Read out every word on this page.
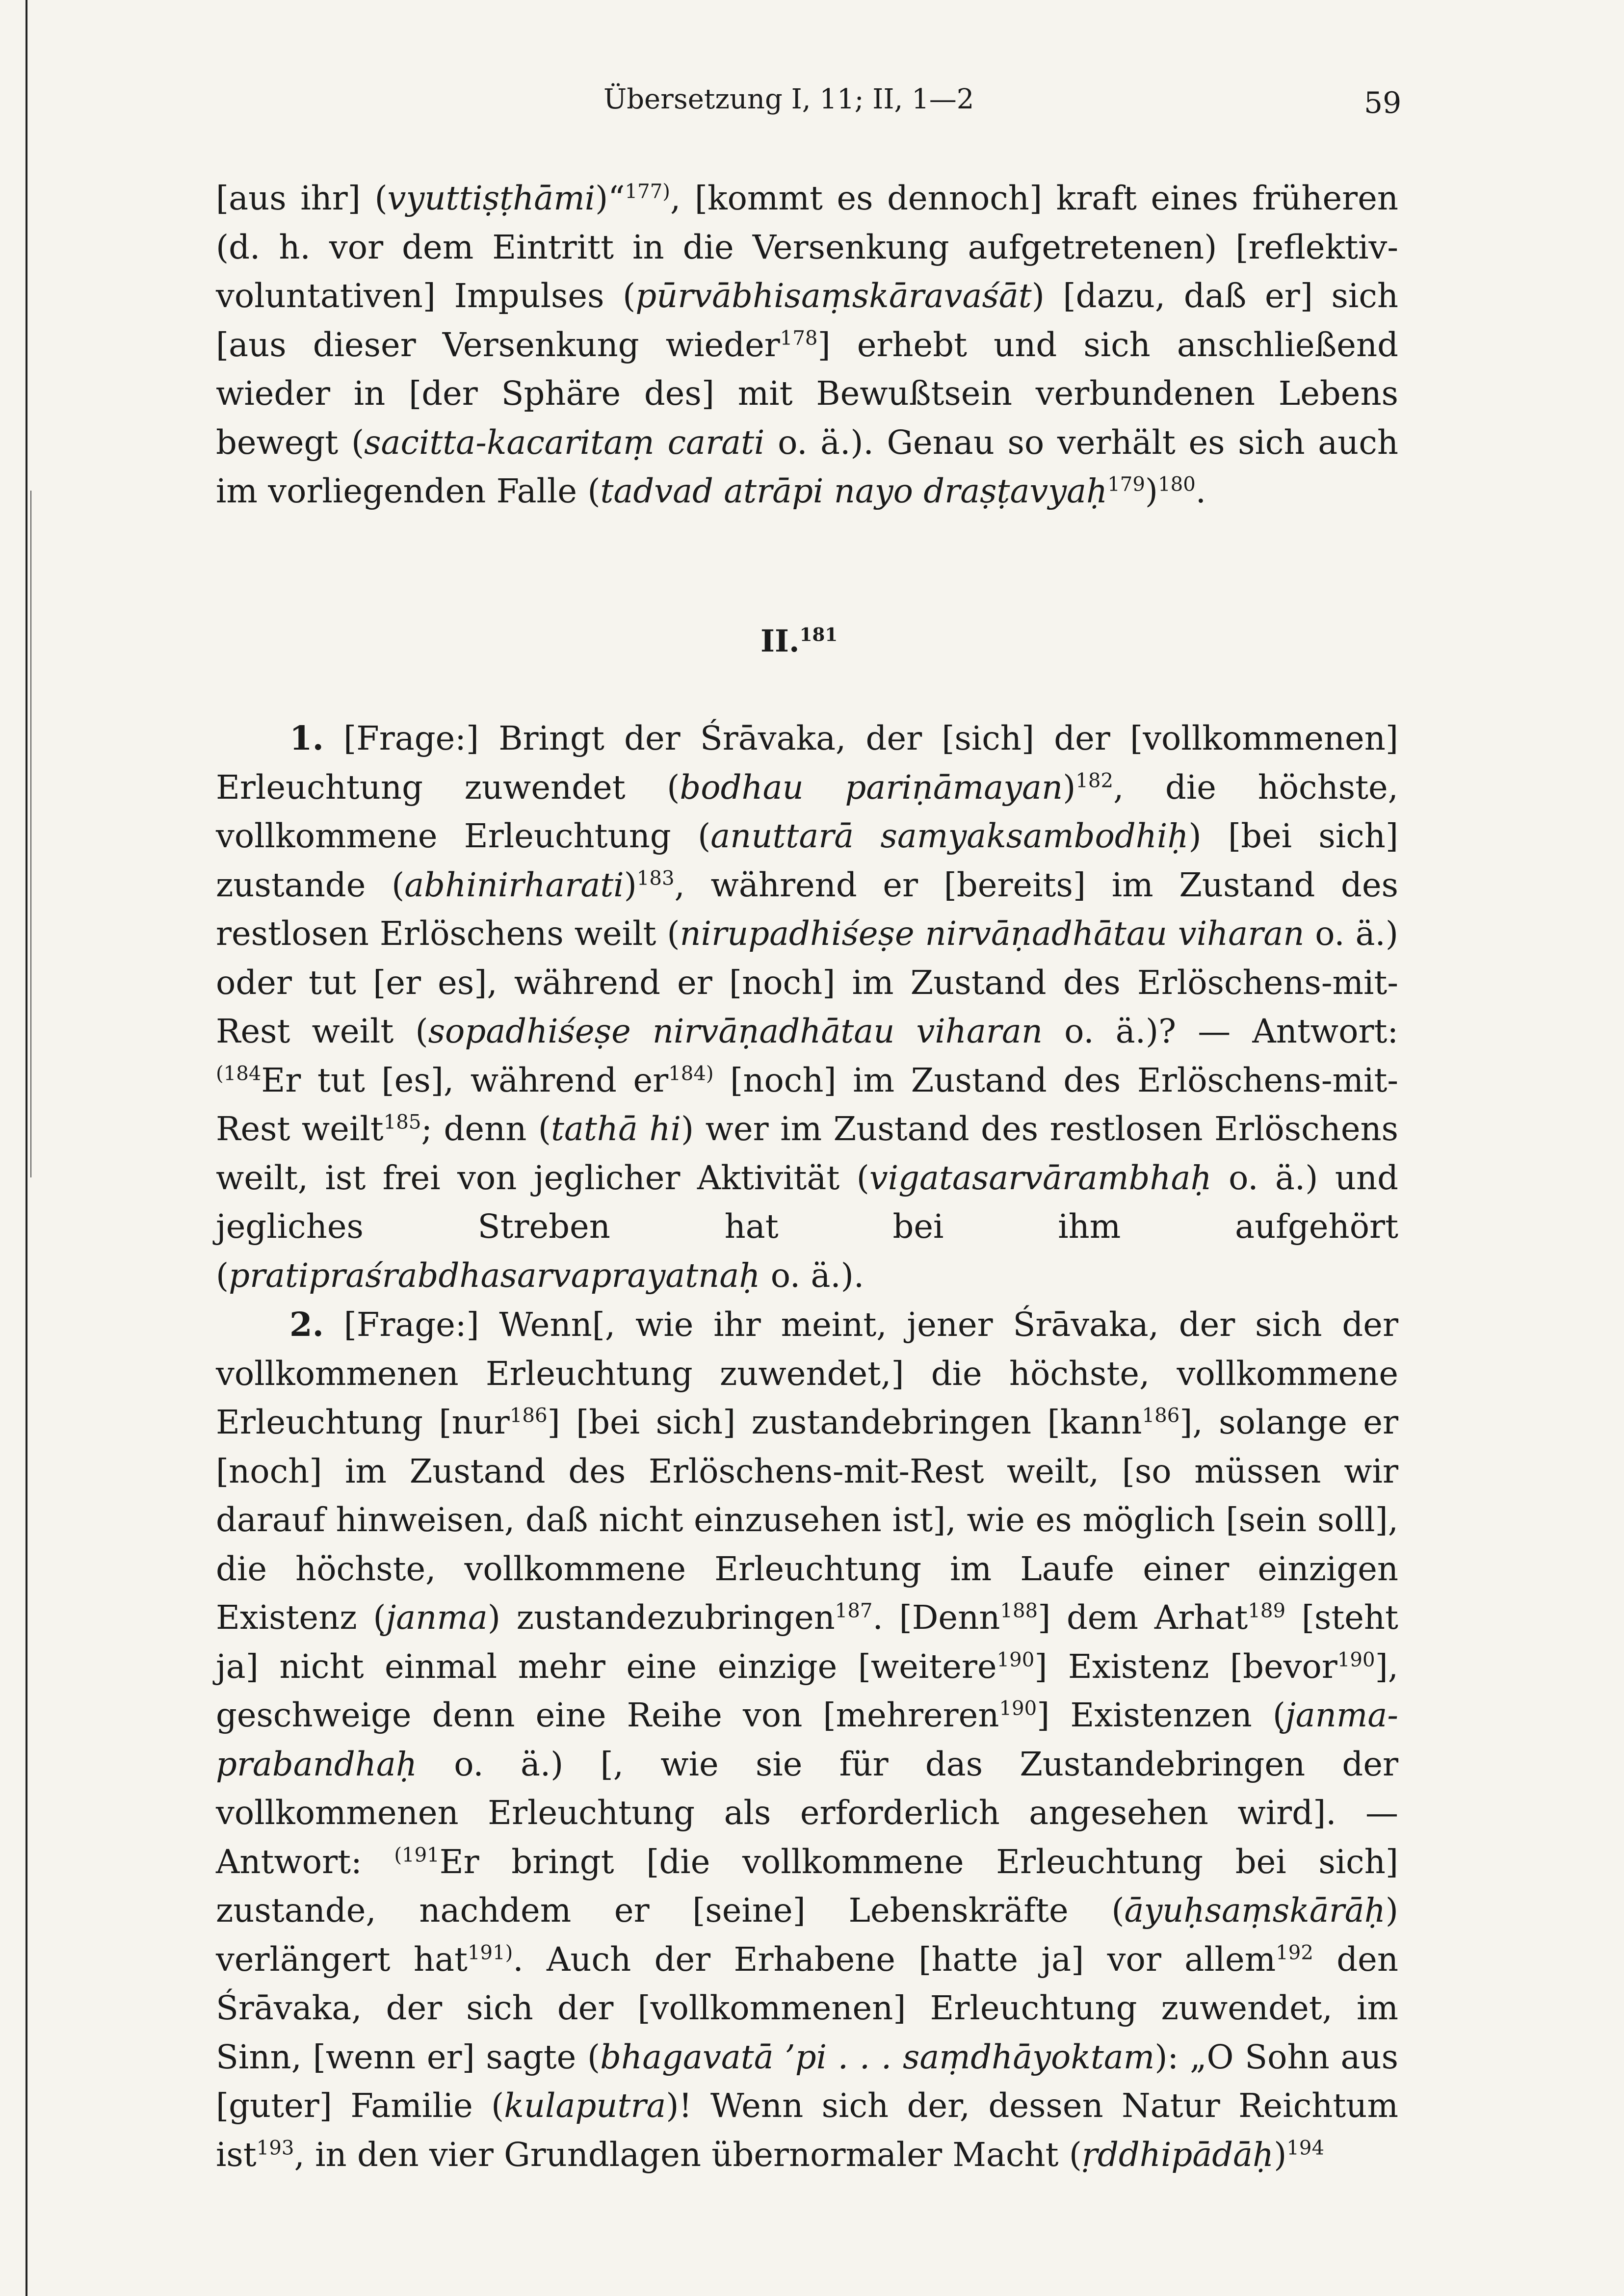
Übersetzung I, 11; II, 1—2	59

[aus ihr] (vyuttiṣṭhāmi)“$^{177)}$, [kommt es dennoch] kraft eines früheren (d. h. vor dem Eintritt in die Versenkung aufgetretenen) [reflektiv-voluntativen] Impulses (pūrvābhisaṃskāravaśāt) [dazu, daß er] sich [aus dieser Versenkung wieder$^{178}$] erhebt und sich anschließend wieder in [der Sphäre des] mit Bewußtsein verbundenen Lebens bewegt (sacitta-kacaritaṃ carati o. ä.). Genau so verhält es sich auch im vorliegenden Falle (tadvad atrāpi nayo draṣṭavyaḥ$^{179}$)$^{180}$.

II.$^{181}$

1. [Frage:] Bringt der Śrāvaka, der [sich] der [vollkommenen] Erleuchtung zuwendet (bodhau pariṇāmayan)$^{182}$, die höchste, vollkommene Erleuchtung (anuttarā samyaksambodhiḥ) [bei sich] zustande (abhinirharati)$^{183}$, während er [bereits] im Zustand des restlosen Erlöschens weilt (nirupadhiśeṣe nirvāṇadhātau viharan o. ä.) oder tut [er es], während er [noch] im Zustand des Erlöschens-mit-Rest weilt (sopadhiśeṣe nirvāṇadhātau viharan o. ä.)? — Antwort: $^{(184}$Er tut [es], während $er^{184)}$ [noch] im Zustand des Erlöschens-mit-Rest weilt$^{185}$; denn (tathā hi) wer im Zustand des restlosen Erlöschens weilt, ist frei von jeglicher Aktivität (vigatasarvārambhaḥ o. ä.) und jegliches Streben hat bei ihm aufgehört (pratipraśrabdhasarvaprayatnaḥ o. ä.).

2. [Frage:] Wenn[, wie ihr meint, jener Śrāvaka, der sich der vollkommenen Erleuchtung zuwendet,] die höchste, vollkommene Erleuchtung [nur$^{186}$] [bei sich] zustandebringen [kann$^{186}$], solange er [noch] im Zustand des Erlöschens-mit-Rest weilt, [so müssen wir darauf hinweisen, daß nicht einzusehen ist], wie es möglich [sein soll], die höchste, vollkommene Erleuchtung im Laufe einer einzigen Existenz (janma) zustandezubringen$^{187}$. [Denn$^{188}$] dem Arhat$^{189}$ [steht ja] nicht einmal mehr eine einzige [weitere$^{190}$] Existenz [bevor$^{190}$], geschweige denn eine Reihe von [mehreren$^{190}$] Existenzen (janma-prabandhaḥ o. ä.) [, wie sie für das Zustandebringen der vollkommenen Erleuchtung als erforderlich angesehen wird]. — Antwort: $^{(191}$Er bringt [die vollkommene Erleuchtung bei sich] zustande, nachdem er [seine] Lebenskräfte (āyuḥsaṃskārāḥ) verlängert hat$^{191)}$. Auch der Erhabene [hatte ja] vor allem$^{192}$ den Śrāvaka, der sich der [vollkommenen] Erleuchtung zuwendet, im Sinn, [wenn er] sagte (bhagavatā ’pi . . . saṃdhāyoktam): „O Sohn aus [guter] Familie (kulaputra)! Wenn sich der, dessen Natur Reichtum ist$^{193}$, in den vier Grundlagen übernormaler Macht (ṛddhipādāḥ)$^{194}$
